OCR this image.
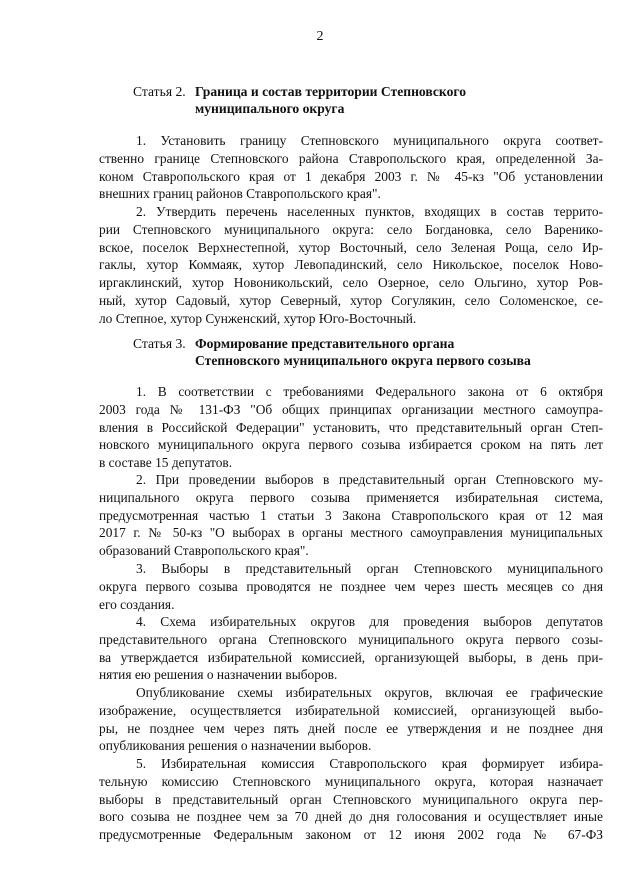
2
Статья 2. Граница и состав территории Степновского
муниципального округа
1. Установить границу Степновского муниципального округа соответ-
ственно границе Степновского района Ставропольского края, определенной За-
коном Ставропольского края от 1 декабря 2003 г. № 45-кз "Об установлении
внешних границ районов Ставропольского края".
2. Утвердить перечень населенных пунктов, входящих в состав террито-
рии Степновского муниципального округа: село Богдановка, село Варенико-
вское, поселок Верхнестепной, хутор Восточный, село Зеленая Роща, село Ир-
гаклы, хутор Коммаяк, хутор Левопадинский, село Никольское, поселок Ново-
иргаклинский, хутор Новоникольский, село Озерное, село Ольгино, хутор Ров-
ный, хутор Садовый, хутор Северный, хутор Согулякин, село Соломенское, се-
ло Степное, хутор Сунженский, хутор Юго-Восточный.
Статья 3. Формирование представительного органа
Степновского муниципального округа первого созыва
1. В соответствии с требованиями Федерального закона от 6 октября
2003 года № 131-ФЗ "Об общих принципах организации местного самоупра-
вления в Российской Федерации" установить, что представительный орган Степ-
новского муниципального округа первого созыва избирается сроком на пять лет
в составе 15 депутатов.
2. При проведении выборов в представительный орган Степновского му-
ниципального округа первого созыва применяется избирательная система,
предусмотренная частью 1 статьи 3 Закона Ставропольского края от 12 мая
2017 г. № 50-кз "О выборах в органы местного самоуправления муниципальных
образований Ставропольского края".
3. Выборы в представительный орган Степновского муниципального
округа первого созыва проводятся не позднее чем через шесть месяцев со дня
его создания.
4. Схема избирательных округов для проведения выборов депутатов
представительного органа Степновского муниципального округа первого созы-
ва утверждается избирательной комиссией, организующей выборы, в день при-
нятия ею решения о назначении выборов.
Опубликование схемы избирательных округов, включая ее графические
изображение, осуществляется избирательной комиссией, организующей выбо-
ры, не позднее чем через пять дней после ее утверждения и не позднее дня
опубликования решения о назначении выборов.
5. Избирательная комиссия Ставропольского края формирует избира-
тельную комиссию Степновского муниципального округа, которая назначает
выборы в представительный орган Степновского муниципального округа пер-
вого созыва не позднее чем за 70 дней до дня голосования и осуществляет иные
предусмотренные Федеральным законом от 12 июня 2002 года № 67-ФЗ
